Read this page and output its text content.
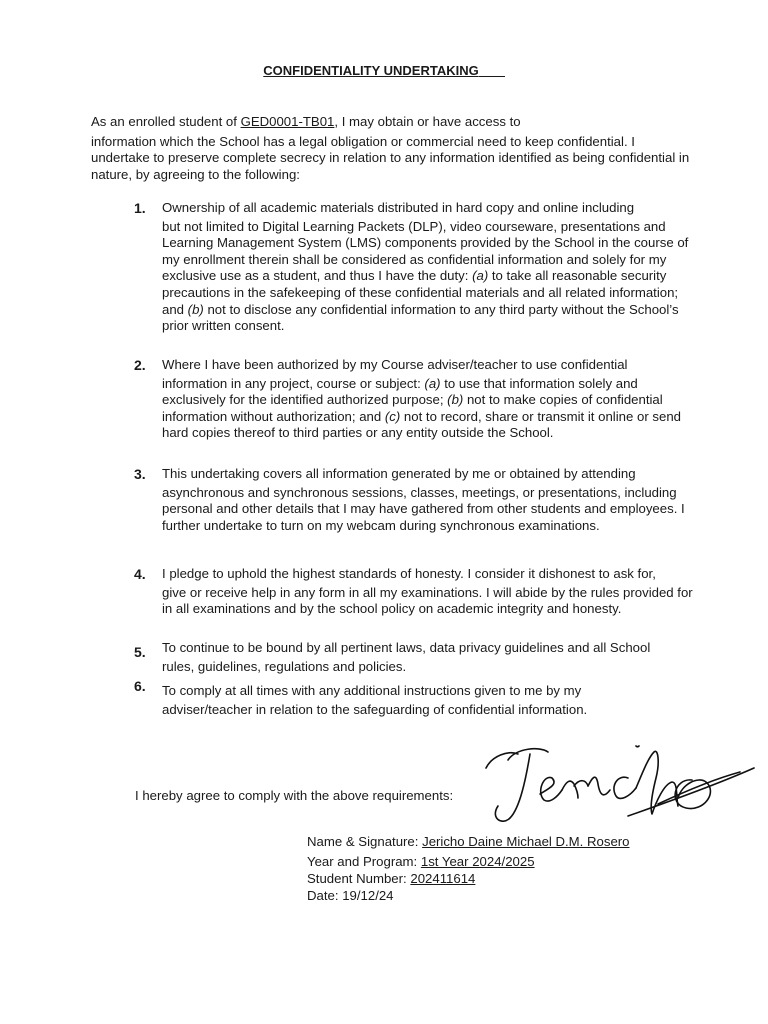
CONFIDENTIALITY UNDERTAKING

As an enrolled student of GED0001-TB01, I may obtain or have access to

information which the School has a legal obligation or commercial need to keep confidential. I undertake to preserve complete secrecy in relation to any information identified as being confidential in nature, by agreeing to the following:

1. Ownership of all academic materials distributed in hard copy and online including

but not limited to Digital Learning Packets (DLP), video courseware, presentations and Learning Management System (LMS) components provided by the School in the course of my enrollment therein shall be considered as confidential information and solely for my exclusive use as a student, and thus I have the duty: (a) to take all reasonable security precautions in the safekeeping of these confidential materials and all related information; and (b) not to disclose any confidential information to any third party without the School’s prior written consent.

2. Where I have been authorized by my Course adviser/teacher to use confidential

information in any project, course or subject: (a) to use that information solely and exclusively for the identified authorized purpose; (b) not to make copies of confidential information without authorization; and (c) not to record, share or transmit it online or send hard copies thereof to third parties or any entity outside the School.

3. This undertaking covers all information generated by me or obtained by attending

asynchronous and synchronous sessions, classes, meetings, or presentations, including personal and other details that I may have gathered from other students and employees. I further undertake to turn on my webcam during synchronous examinations.

4. I pledge to uphold the highest standards of honesty. I consider it dishonest to ask for,

give or receive help in any form in all my examinations. I will abide by the rules provided for in all examinations and by the school policy on academic integrity and honesty.

5. To continue to be bound by all pertinent laws, data privacy guidelines and all School

rules, guidelines, regulations and policies.

6. To comply at all times with any additional instructions given to me by my

adviser/teacher in relation to the safeguarding of confidential information.

I hereby agree to comply with the above requirements:
Name & Signature: Jericho Daine Michael D.M. Rosero
Year and Program: 1st Year 2024/2025
Student Number: 202411614
Date: 19/12/24
